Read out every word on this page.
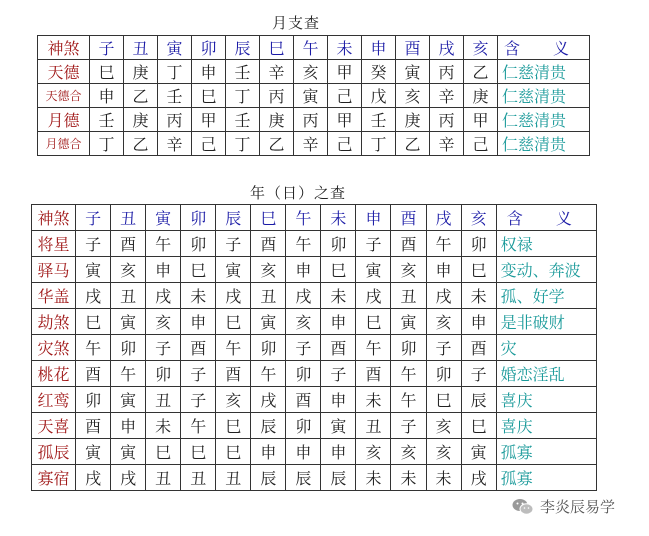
月支查
神煞	子	丑	寅	卯	辰	巳	午	未	申	酉	戌	亥	含 义
天德	巳	庚	丁	申	壬	辛	亥	甲	癸	寅	丙	乙	仁慈清贵
天德合	申	乙	壬	巳	丁	丙	寅	己	戊	亥	辛	庚	仁慈清贵
月德	壬	庚	丙	甲	壬	庚	丙	甲	壬	庚	丙	甲	仁慈清贵
月德合	丁	乙	辛	己	丁	乙	辛	己	丁	乙	辛	己	仁慈清贵
年（日）之查
神煞	子	丑	寅	卯	辰	巳	午	未	申	酉	戌	亥	含 义
将星	子	酉	午	卯	子	酉	午	卯	子	酉	午	卯	权禄
驿马	寅	亥	申	巳	寅	亥	申	巳	寅	亥	申	巳	变动、奔波
华盖	戌	丑	戌	未	戌	丑	戌	未	戌	丑	戌	未	孤、好学
劫煞	巳	寅	亥	申	巳	寅	亥	申	巳	寅	亥	申	是非破财
灾煞	午	卯	子	酉	午	卯	子	酉	午	卯	子	酉	灾
桃花	酉	午	卯	子	酉	午	卯	子	酉	午	卯	子	婚恋淫乱
红鸾	卯	寅	丑	子	亥	戌	酉	申	未	午	巳	辰	喜庆
天喜	酉	申	未	午	巳	辰	卯	寅	丑	子	亥	巳	喜庆
孤辰	寅	寅	巳	巳	巳	申	申	申	亥	亥	亥	寅	孤寡
寡宿	戌	戌	丑	丑	丑	辰	辰	辰	未	未	未	戌	孤寡
李炎辰易学
